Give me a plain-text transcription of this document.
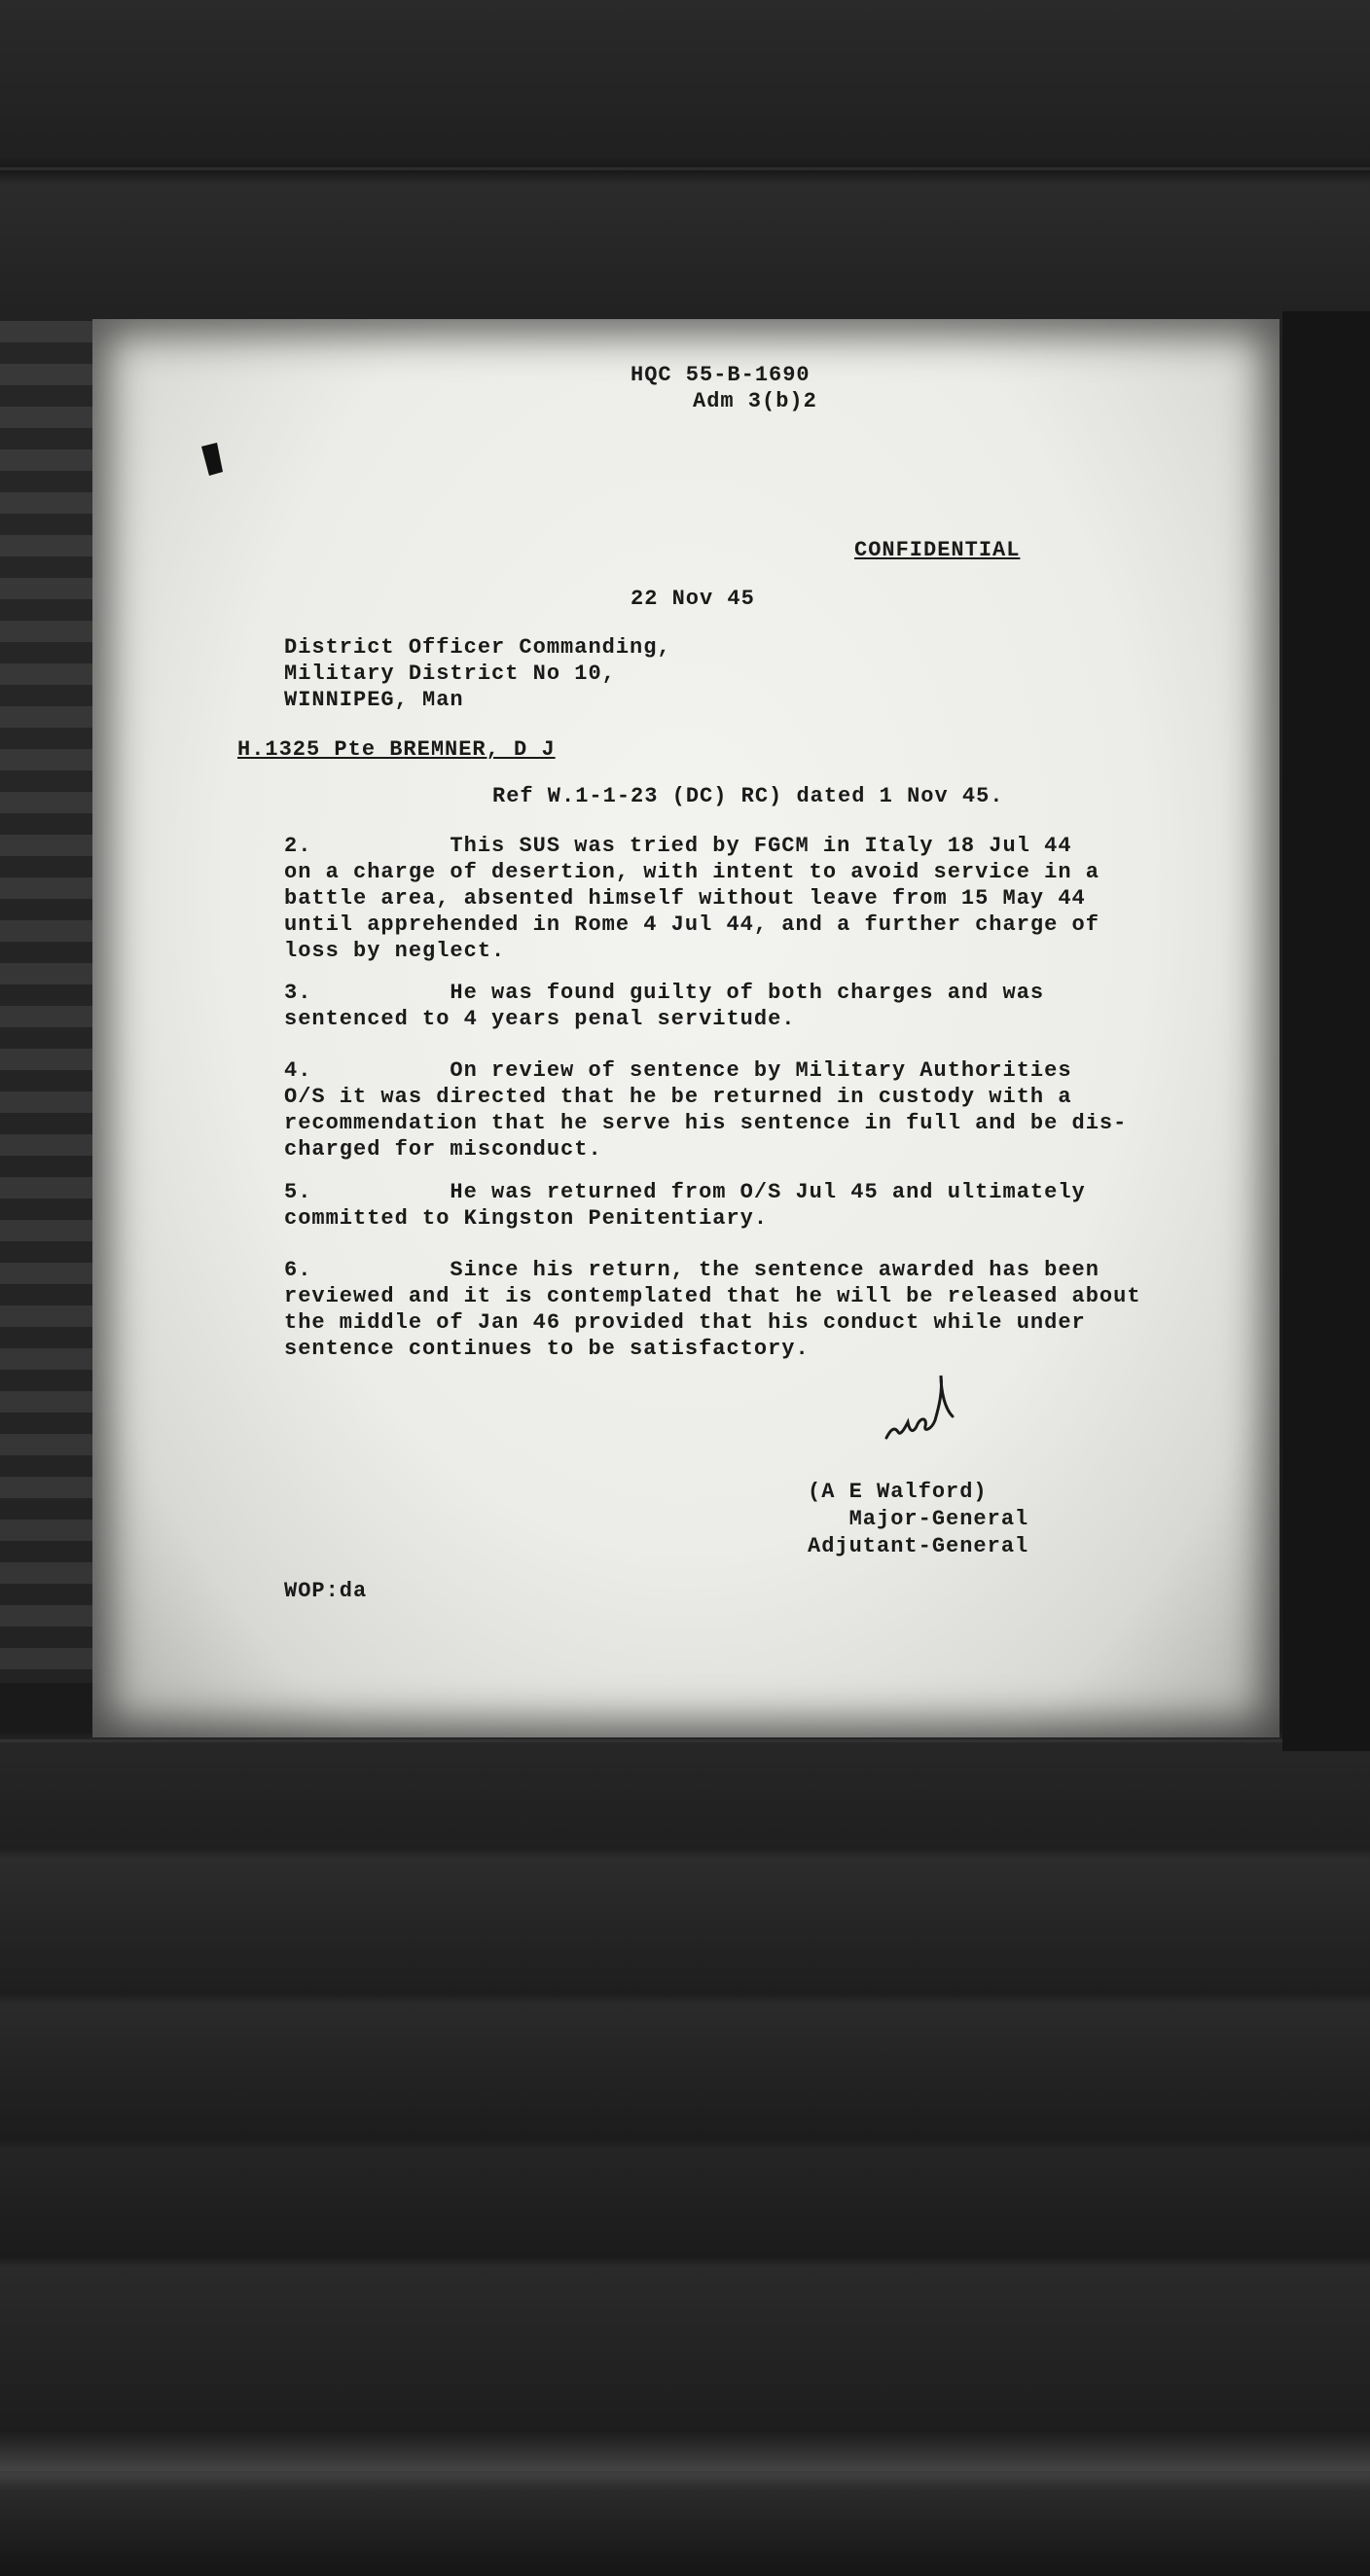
HQC 55-B-1690
Adm 3(b)2
CONFIDENTIAL
22 Nov 45
District Officer Commanding,
Military District No 10,
WINNIPEG, Man
H.1325 Pte BREMNER, D J
Ref W.1-1-23 (DC) RC) dated 1 Nov 45.
2.          This SUS was tried by FGCM in Italy 18 Jul 44
on a charge of desertion, with intent to avoid service in a
battle area, absented himself without leave from 15 May 44
until apprehended in Rome 4 Jul 44, and a further charge of
loss by neglect.
3.          He was found guilty of both charges and was
sentenced to 4 years penal servitude.
4.          On review of sentence by Military Authorities
O/S it was directed that he be returned in custody with a
recommendation that he serve his sentence in full and be dis-
charged for misconduct.
5.          He was returned from O/S Jul 45 and ultimately
committed to Kingston Penitentiary.
6.          Since his return, the sentence awarded has been
reviewed and it is contemplated that he will be released about
the middle of Jan 46 provided that his conduct while under
sentence continues to be satisfactory.
(A E Walford)
Major-General
Adjutant-General
WOP:da
